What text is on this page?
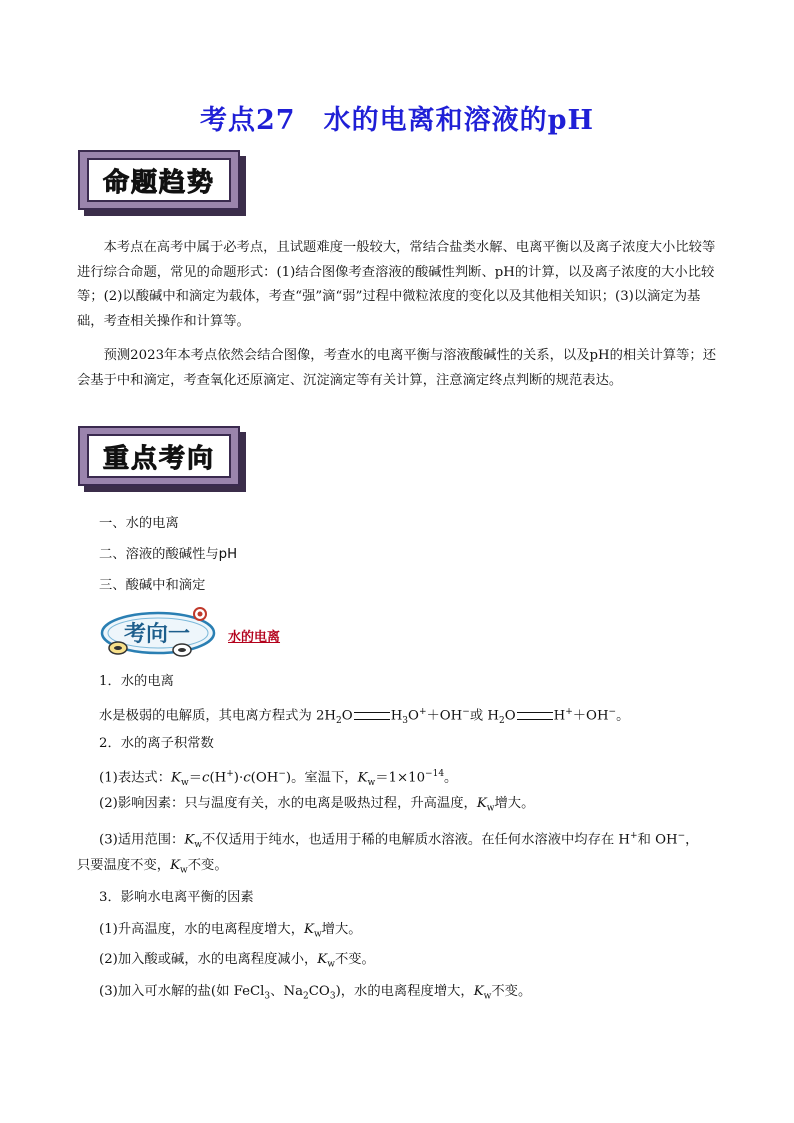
考点27　水的电离和溶液的pH
命题趋势

本考点在高考中属于必考点，且试题难度一般较大，常结合盐类水解、电离平衡以及离子浓度大小比较等进行综合命题，常见的命题形式：(1)结合图像考查溶液的酸碱性判断、pH的计算，以及离子浓度的大小比较等；(2)以酸碱中和滴定为载体，考查“强”滴“弱”过程中微粒浓度的变化以及其他相关知识；(3)以滴定为基础，考查相关操作和计算等。

预测2023年本考点依然会结合图像，考查水的电离平衡与溶液酸碱性的关系，以及pH的相关计算等；还会基于中和滴定，考查氧化还原滴定、沉淀滴定等有关计算，注意滴定终点判断的规范表达。

重点考向
一、水的电离
二、溶液的酸碱性与pH
三、酸碱中和滴定
考向一	水的电离
1．水的电离
水是极弱的电解质，其电离方程式为 $2H_2O$	$H_3O^++OH^-$或 $H_2O$	H+＋OH−。
2．水的离子积常数
(1)表达式：$K_w=c(H^+)\cdot c(OH^-)$。室温下，$K_w=1\times 10^{-14}$。
(2)影响因素：只与温度有关，水的电离是吸热过程，升高温度，$K_w$增大。
(3)适用范围：$K_w$不仅适用于纯水，也适用于稀的电解质水溶液。在任何水溶液中均存在 H+和 OH−，
只要温度不变，$K_w$不变。
3．影响水电离平衡的因素
(1)升高温度，水的电离程度增大，$K_w$增大。
(2)加入酸或碱，水的电离程度减小，$K_w$不变。
(3)加入可水解的盐(如 FeCl$_3$、$Na_2CO_3$)，水的电离程度增大，$K_w$不变。
